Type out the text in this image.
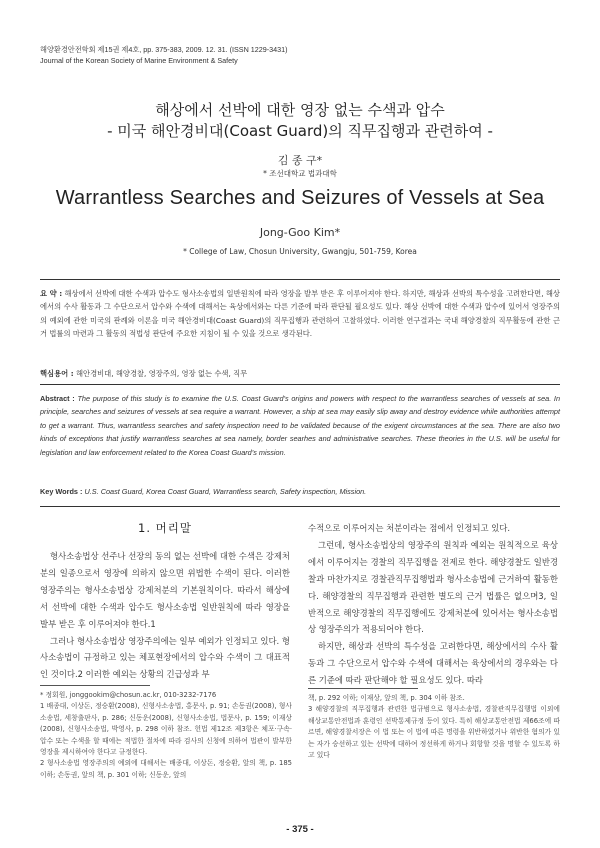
해양환경안전학회 제15권 제4호, pp. 375-383, 2009. 12. 31. (ISSN 1229-3431)
Journal of the Korean Society of Marine Environment & Safety
해상에서 선박에 대한 영장 없는 수색과 압수
- 미국 해안경비대(Coast Guard)의 직무집행과 관련하여 -
김 종 구*
* 조선대학교 법과대학
Warrantless Searches and Seizures of Vessels at Sea
Jong-Goo Kim*
* College of Law, Chosun University, Gwangju, 501-759, Korea
요 약 : 해상에서 선박에 대한 수색과 압수도 형사소송법의 일반원칙에 따라 영장을 발부 받은 후 이루어져야 한다. 하지만, 해상과 선박의 특수성을 고려한다면, 해상에서의 수사 활동과 그 수단으로서 압수와 수색에 대해서는 육상에서와는 다른 기준에 따라 판단될 필요성도 있다. 해상 선박에 대한 수색과 압수에 있어서 영장주의의 예외에 관한 미국의 판례와 이론을 미국 해안경비대(Coast Guard)의 직무집행과 관련하여 고찰하였다. 이러한 연구결과는 국내 해양경찰의 직무활동에 관한 근거 법률의 마련과 그 활동의 적법성 판단에 주요한 지침이 될 수 있을 것으로 생각된다.
핵심용어 : 해안경비대, 해양경찰, 영장주의, 영장 없는 수색, 직무
Abstract : The purpose of this study is to examine the U.S. Coast Guard’s origins and powers with respect to the warrantless searches of vessels at sea. In principle, searches and seizures of vessels at sea require a warrant. However, a ship at sea may easily slip away and destroy evidence while authorities attempt to get a warrant. Thus, warrantless searches and safety inspection need to be validated because of the exigent circumstances at the sea. There are also two kinds of exceptions that justify warrantless searches at sea namely, border searhes and administrative searches. These theories in the U.S. will be useful for legislation and law enforcement related to the Korea Coast Guard’s mission.
Key Words : U.S. Coast Guard, Korea Coast Guard, Warrantless search, Safety inspection, Mission.
1. 머리말

형사소송법상 선주나 선장의 동의 없는 선박에 대한 수색은 강제처분의 일종으로서 영장에 의하지 않으면 위법한 수색이 된다. 이러한 영장주의는 형사소송법상 강제처분의 기본원칙이다. 따라서 해상에서 선박에 대한 수색과 압수도 형사소송법 일반원칙에 따라 영장을 발부 받은 후 이루어져야 한다.1

그러나 형사소송법상 영장주의에는 일부 예외가 인정되고 있다. 형사소송법이 규정하고 있는 체포현장에서의 압수와 수색이 그 대표적인 것이다.2 이러한 예외는 상황의 긴급성과 부

수적으로 이루어지는 처분이라는 점에서 인정되고 있다.

그런데, 형사소송법상의 영장주의 원칙과 예외는 원칙적으로 육상에서 이루어지는 경찰의 직무집행을 전제로 한다. 해양경찰도 일반경찰과 마찬가지로 경찰관직무집행법과 형사소송법에 근거하여 활동한다. 해양경찰의 직무집행과 관련한 별도의 근거 법률은 없으며3, 일반적으로 해양경찰의 직무집행에도 강제처분에 있어서는 형사소송법상 영장주의가 적용되어야 한다.

하지만, 해상과 선박의 특수성을 고려한다면, 해상에서의 수사 활동과 그 수단으로서 압수와 수색에 대해서는 육상에서의 경우와는 다른 기준에 따라 판단해야 할 필요성도 있다. 따라

* 정회원, jonggookim@chosun.ac.kr, 010-3232-7176

1 배종대, 이상돈, 정승환(2008), 신형사소송법, 홍문사, p. 91; 손동권(2008), 형사소송법, 세창출판사, p. 286; 신동운(2008), 신형사소송법, 법문사, p. 159; 이재상(2008), 신형사소송법, 박영사, p. 298 이하 참조. 헌법 제12조 제3항은 체포·구속·압수 또는 수색을 할 때에는 적법한 절차에 따라 검사의 신청에 의하여 법관이 발부한 영장을 제시하여야 한다고 규정한다.

2 형사소송법 영장주의의 예외에 대해서는 배종대, 이상돈, 정승환, 앞의 책, p. 185 이하; 손동권, 앞의 책, p. 301 이하; 신동운, 앞의

책, p. 292 이하; 이재상, 앞의 책, p. 304 이하 참조.

3 해양경찰의 직무집행과 관련한 법규범으로 형사소송법, 경찰관직무집행법 이외에 해상교통안전법과 훈령인 선박통제규정 등이 있다. 특히 해상교통안전법 제66조에 따르면, 해양경찰서장은 이 법 또는 이 법에 따른 명령을 위반하였거나 위반한 혐의가 있는 자가 승선하고 있는 선박에 대하여 정선하게 하거나 회항할 것을 명할 수 있도록 하고 있다

- 375 -
